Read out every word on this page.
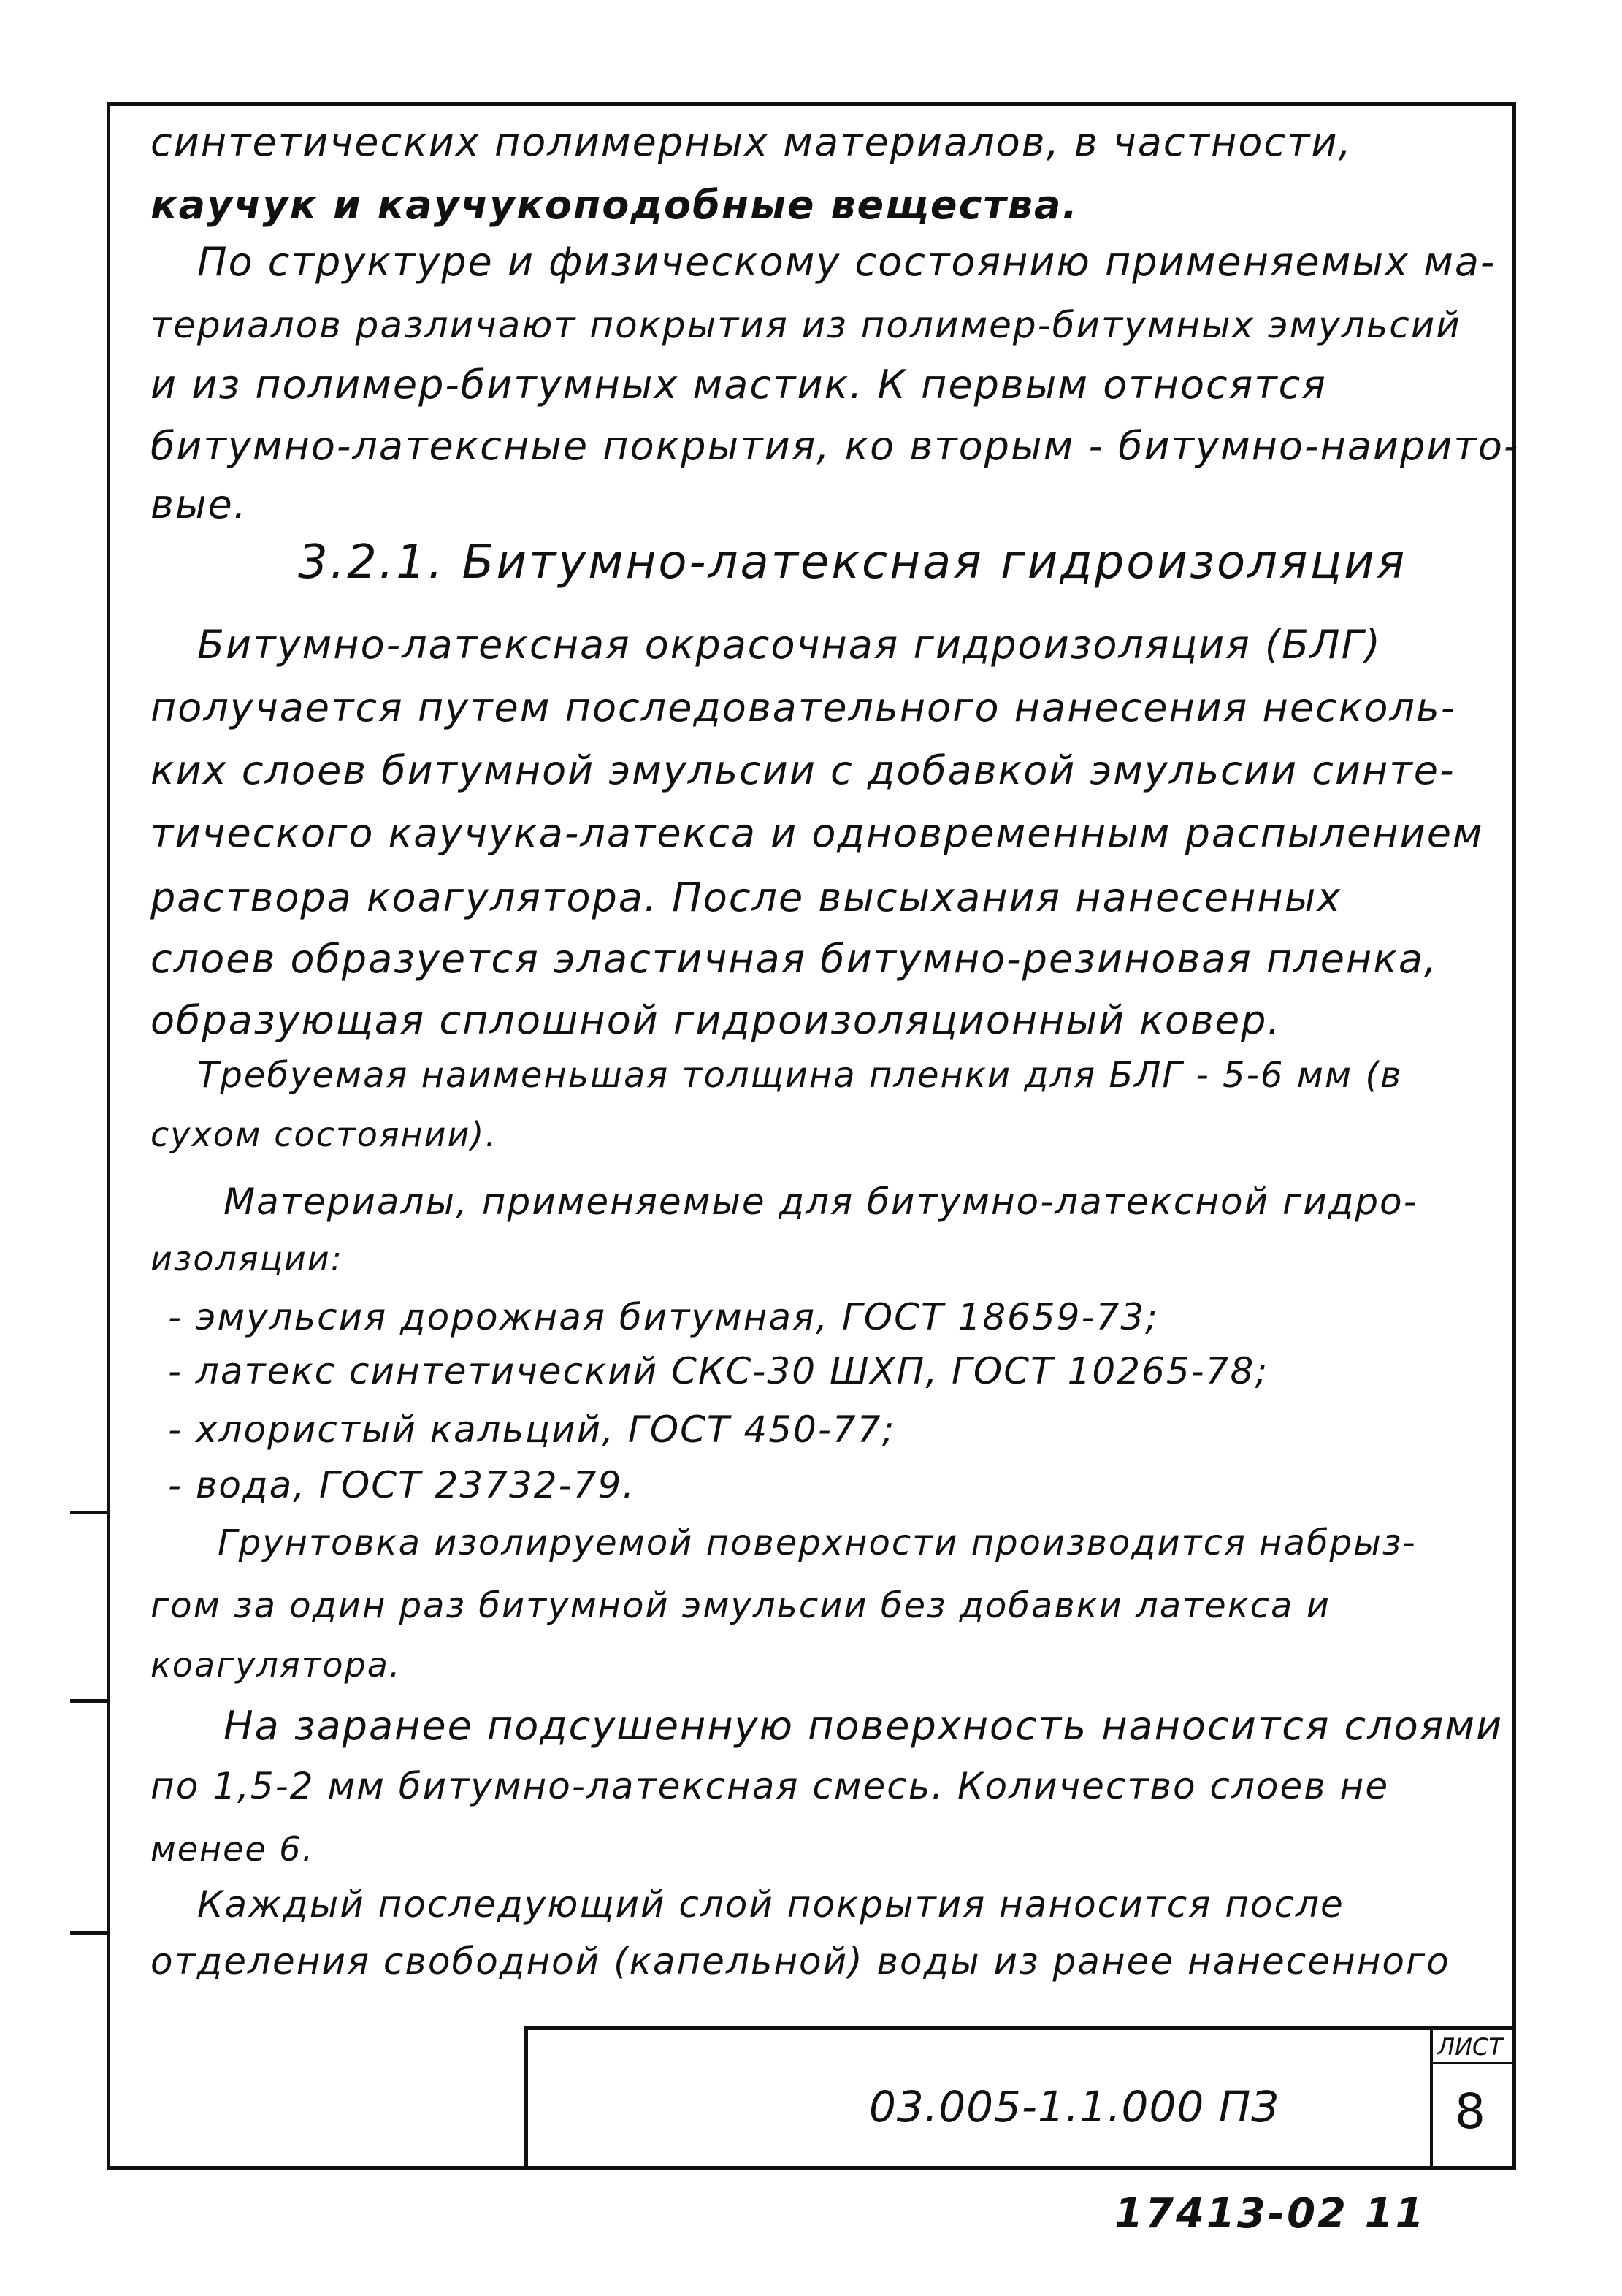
синтетических полимерных материалов, в частности,
каучук и каучукоподобные вещества.
По структуре и физическому состоянию применяемых ма-
териалов различают покрытия из полимер-битумных эмульсий
и из полимер-битумных мастик. К первым относятся
битумно-латексные покрытия, ко вторым - битумно-наирито-
вые.
3.2.1. Битумно-латексная гидроизоляция
Битумно-латексная окрасочная гидроизоляция (БЛГ)
получается путем последовательного нанесения несколь-
ких слоев битумной эмульсии с добавкой эмульсии синте-
тического каучука-латекса и одновременным распылением
раствора коагулятора. После высыхания нанесенных
слоев образуется эластичная битумно-резиновая пленка,
образующая сплошной гидроизоляционный ковер.
Требуемая наименьшая толщина пленки для БЛГ - 5-6 мм (в
сухом состоянии).
Материалы, применяемые для битумно-латексной гидро-
изоляции:
- эмульсия дорожная битумная, ГОСТ 18659-73;
- латекс синтетический СКС-30 ШХП, ГОСТ 10265-78;
- хлористый кальций, ГОСТ 450-77;
- вода, ГОСТ 23732-79.
Грунтовка изолируемой поверхности производится набрыз-
гом за один раз битумной эмульсии без добавки латекса и
коагулятора.
На заранее подсушенную поверхность наносится слоями
по 1,5-2 мм битумно-латексная смесь. Количество слоев не
менее 6.
Каждый последующий слой покрытия наносится после
отделения свободной (капельной) воды из ранее нанесенного
03.005-1.1.000 ПЗ
ЛИСТ
8
17413-02 11
